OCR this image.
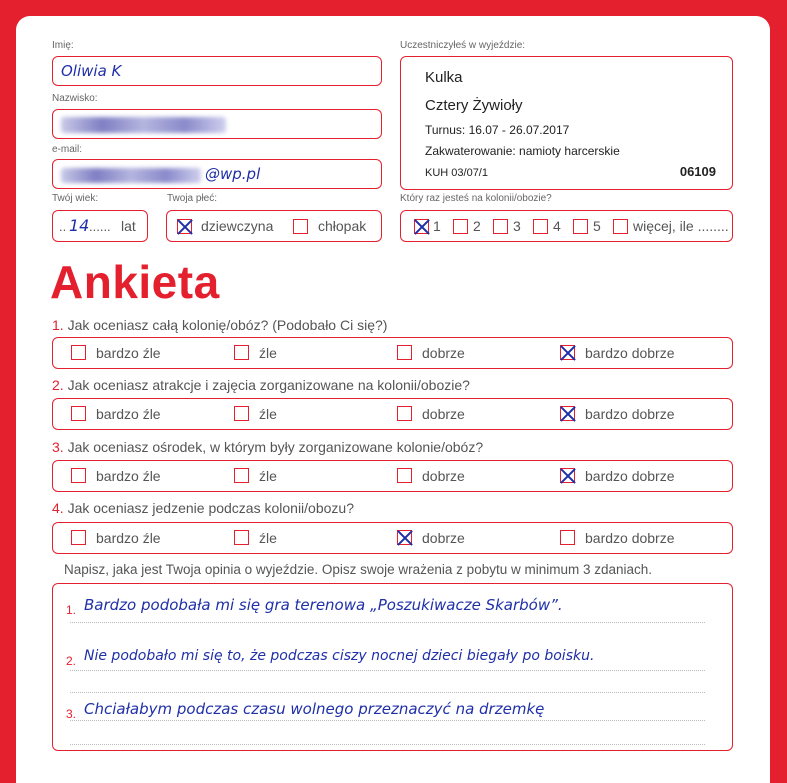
Imię:
Oliwia K
Nazwisko:
e-mail:
@wp.pl
Twój wiek:
.. 14 ...... lat
Twoja płeć:
dziewczyna	chłopak
Uczestniczyłeś w wyjeździe:
Kulka
Cztery Żywioły
Turnus: 16.07 - 26.07.2017
Zakwaterowanie: namioty harcerskie
KUH 03/07/1	06109
Który raz jesteś na kolonii/obozie?
1 2 3 4 5 więcej, ile ........
Ankieta
1. Jak oceniasz całą kolonię/obóz? (Podobało Ci się?)
bardzo źle	źle	dobrze	bardzo dobrze
2. Jak oceniasz atrakcje i zajęcia zorganizowane na kolonii/obozie?
bardzo źle	źle	dobrze	bardzo dobrze
3. Jak oceniasz ośrodek, w którym były zorganizowane kolonie/obóz?
bardzo źle	źle	dobrze	bardzo dobrze
4. Jak oceniasz jedzenie podczas kolonii/obozu?
bardzo źle	źle	dobrze	bardzo dobrze
Napisz, jaka jest Twoja opinia o wyjeździe. Opisz swoje wrażenia z pobytu w minimum 3 zdaniach.
1. Bardzo podobała mi się gra terenowa „Poszukiwacze Skarbów”.
2. Nie podobało mi się to, że podczas ciszy nocnej dzieci biegały po boisku.
3. Chciałabym podczas czasu wolnego przeznaczyć na drzemkę
